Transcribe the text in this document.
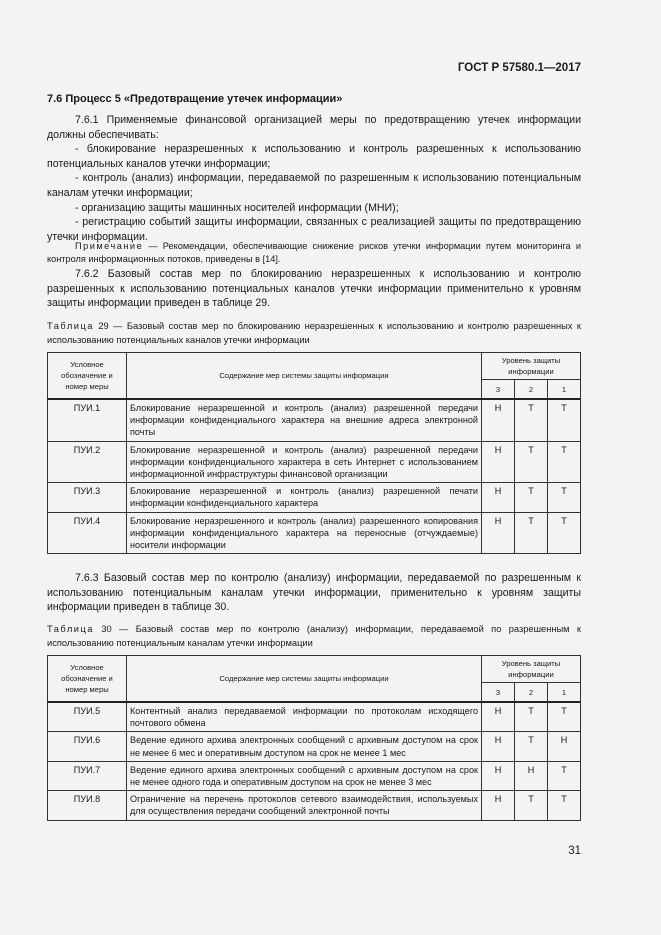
ГОСТ Р 57580.1—2017
7.6 Процесс 5 «Предотвращение утечек информации»
7.6.1 Применяемые финансовой организацией меры по предотвращению утечек информации должны обеспечивать:
- блокирование неразрешенных к использованию и контроль разрешенных к использованию потенциальных каналов утечки информации;
- контроль (анализ) информации, передаваемой по разрешенным к использованию потенциальным каналам утечки информации;
- организацию защиты машинных носителей информации (МНИ);
- регистрацию событий защиты информации, связанных с реализацией защиты по предотвращению утечки информации.
Примечание — Рекомендации, обеспечивающие снижение рисков утечки информации путем мониторинга и контроля информационных потоков, приведены в [14].
7.6.2 Базовый состав мер по блокированию неразрешенных к использованию и контролю разрешенных к использованию потенциальных каналов утечки информации применительно к уровням защиты информации приведен в таблице 29.
Таблица 29 — Базовый состав мер по блокированию неразрешенных к использованию и контролю разрешенных к использованию потенциальных каналов утечки информации
Условное обозначение и номер меры	Содержание мер системы защиты информации	Уровень защиты информации		
		3	2	1
ПУИ.1	Блокирование неразрешенной и контроль (анализ) разрешенной передачи информации конфиденциального характера на внешние адреса электронной почты	Н	Т	Т
ПУИ.2	Блокирование неразрешенной и контроль (анализ) разрешенной передачи информации конфиденциального характера в сеть Интернет с использованием информационной инфраструктуры финансовой организации	Н	Т	Т
ПУИ.3	Блокирование неразрешенной и контроль (анализ) разрешенной печати информации конфиденциального характера	Н	Т	Т
ПУИ.4	Блокирование неразрешенного и контроль (анализ) разрешенного копирования информации конфиденциального характера на переносные (отчуждаемые) носители информации	Н	Т	Т
7.6.3 Базовый состав мер по контролю (анализу) информации, передаваемой по разрешенным к использованию потенциальным каналам утечки информации, применительно к уровням защиты информации приведен в таблице 30.
Таблица 30 — Базовый состав мер по контролю (анализу) информации, передаваемой по разрешенным к использованию потенциальным каналам утечки информации
Условное обозначение и номер меры	Содержание мер системы защиты информации	Уровень защиты информации		
		3	2	1
ПУИ.5	Контентный анализ передаваемой информации по протоколам исходящего почтового обмена	Н	Т	Т
ПУИ.6	Ведение единого архива электронных сообщений с архивным доступом на срок не менее 6 мес и оперативным доступом на срок не менее 1 мес	Н	Т	Н
ПУИ.7	Ведение единого архива электронных сообщений с архивным доступом на срок не менее одного года и оперативным доступом на срок не менее 3 мес	Н	Н	Т
ПУИ.8	Ограничение на перечень протоколов сетевого взаимодействия, используемых для осуществления передачи сообщений электронной почты	Н	Т	Т
31
